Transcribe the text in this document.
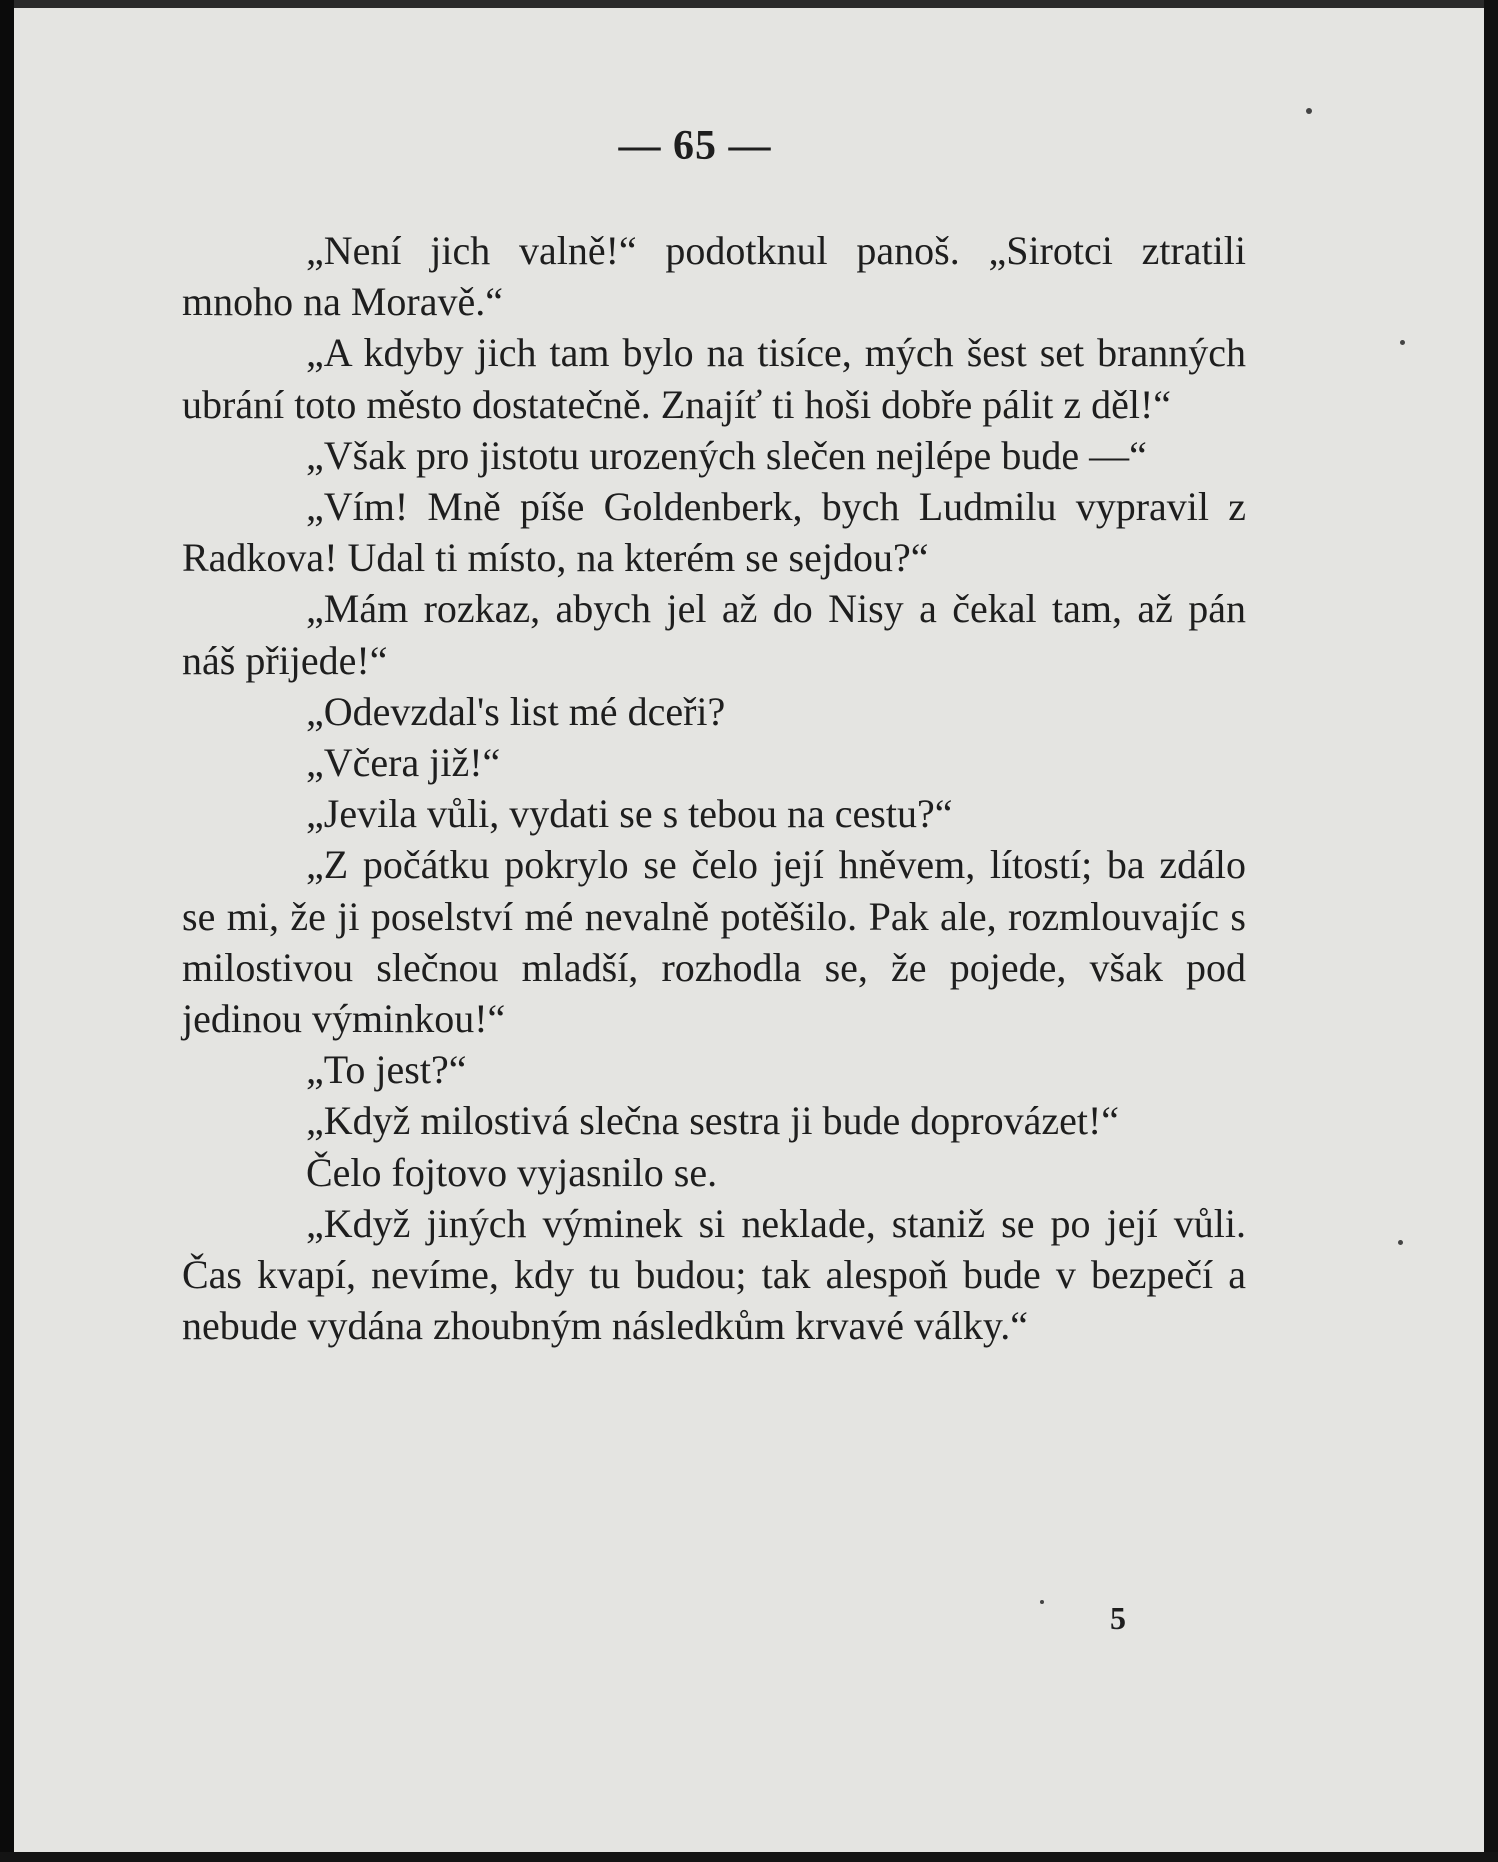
— 65 —

„Není jich valně!“ podotknul panoš. „Sirotci ztratili mnoho na Moravě.“

„A kdyby jich tam bylo na tisíce, mých šest set branných ubrání toto město dostatečně. Znajíť ti hoši dobře pálit z děl!“

„Však pro jistotu urozených slečen nejlépe bude —“

„Vím! Mně píše Goldenberk, bych Ludmilu vypravil z Radkova! Udal ti místo, na kterém se sejdou?“

„Mám rozkaz, abych jel až do Nisy a čekal tam, až pán náš přijede!“

„Odevzdal's list mé dceři?

„Včera již!“

„Jevila vůli, vydati se s tebou na cestu?“

„Z počátku pokrylo se čelo její hněvem, lítostí; ba zdálo se mi, že ji poselství mé nevalně potěšilo. Pak ale, rozmlouvajíc s milostivou slečnou mladší, rozhodla se, že pojede, však pod jedinou výminkou!“

„To jest?“

„Když milostivá slečna sestra ji bude doprovázet!“

Čelo fojtovo vyjasnilo se.

„Když jiných výminek si neklade, staniž se po její vůli. Čas kvapí, nevíme, kdy tu budou; tak alespoň bude v bezpečí a nebude vydána zhoubným následkům krvavé války.“

5
